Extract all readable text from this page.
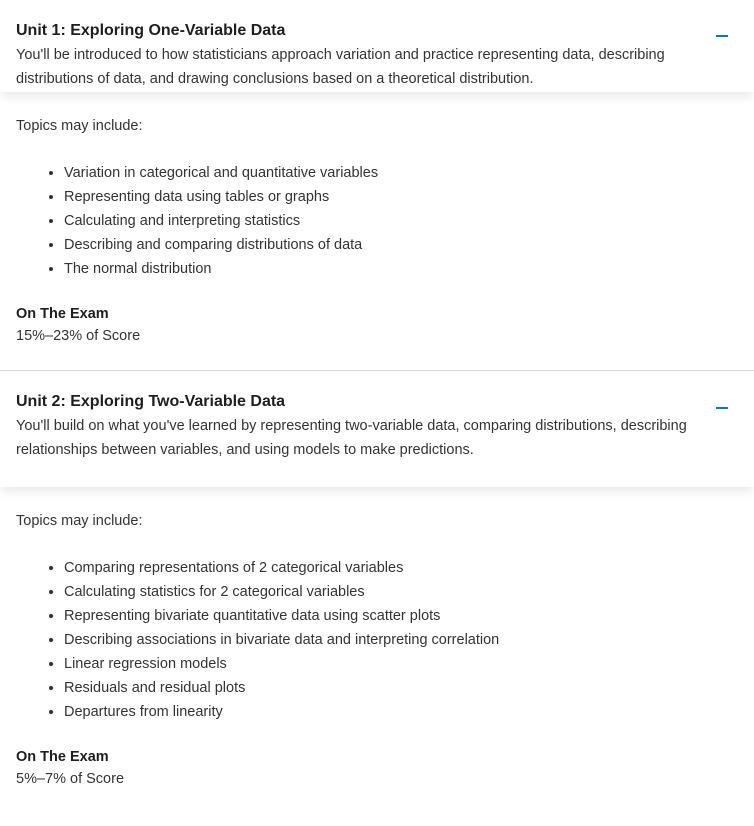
Unit 1: Exploring One-Variable Data

You'll be introduced to how statisticians approach variation and practice representing data, describing distributions of data, and drawing conclusions based on a theoretical distribution.

Topics may include:

• Variation in categorical and quantitative variables
• Representing data using tables or graphs
• Calculating and interpreting statistics
• Describing and comparing distributions of data
• The normal distribution

On The Exam

15%–23% of Score

Unit 2: Exploring Two-Variable Data

You'll build on what you've learned by representing two-variable data, comparing distributions, describing relationships between variables, and using models to make predictions.

Topics may include:

• Comparing representations of 2 categorical variables
• Calculating statistics for 2 categorical variables
• Representing bivariate quantitative data using scatter plots
• Describing associations in bivariate data and interpreting correlation
• Linear regression models
• Residuals and residual plots
• Departures from linearity

On The Exam

5%–7% of Score
